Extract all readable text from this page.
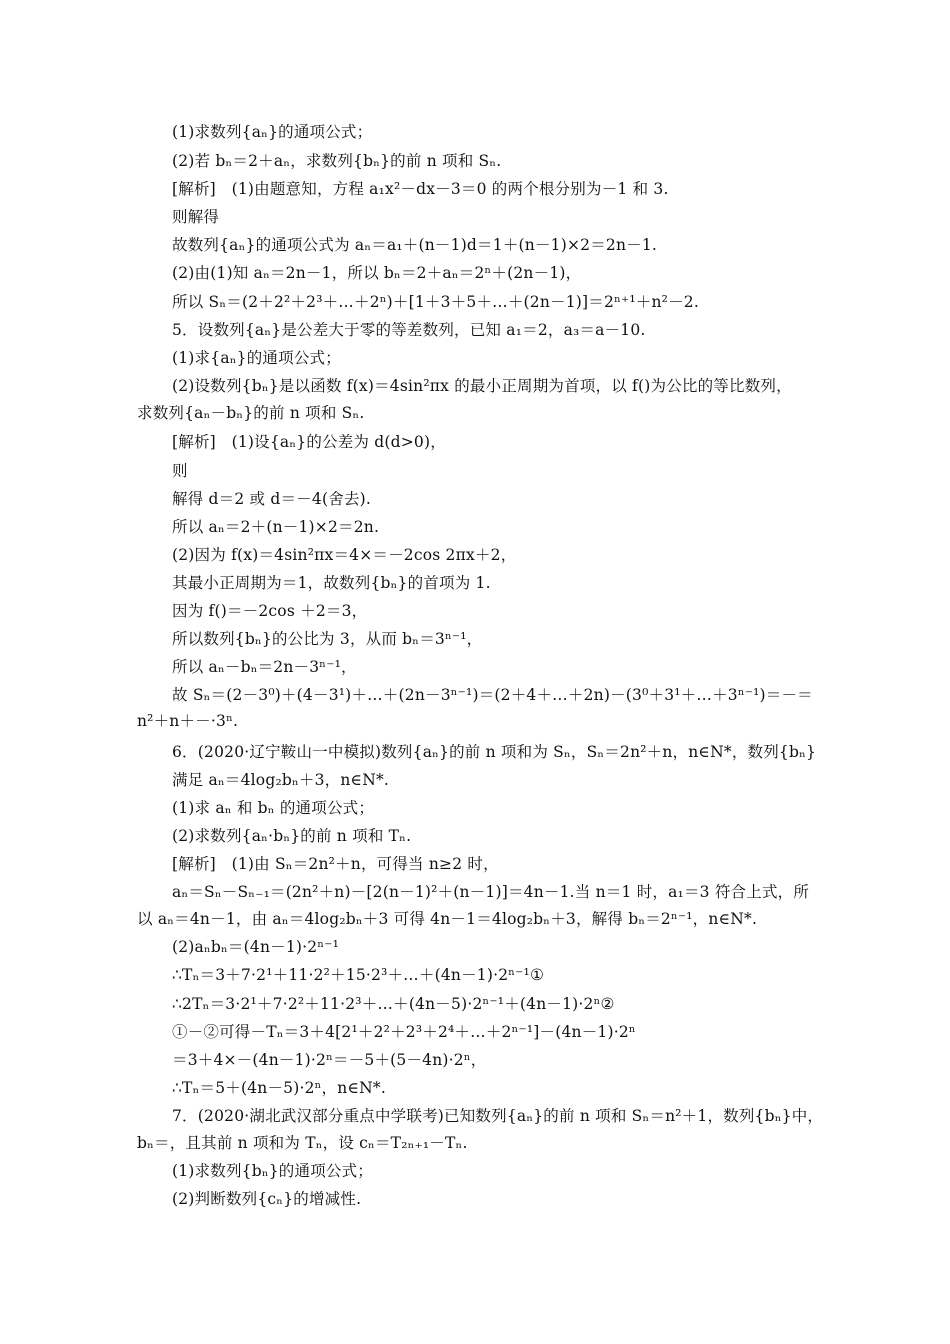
(1)求数列{aₙ}的通项公式；
(2)若 bₙ＝2＋aₙ，求数列{bₙ}的前 n 项和 Sₙ.
[解析]　(1)由题意知，方程 a₁x²－dx－3＝0 的两个根分别为－1 和 3.
则解得
故数列{aₙ}的通项公式为 aₙ＝a₁＋(n－1)d＝1＋(n－1)×2＝2n－1.
(2)由(1)知 aₙ＝2n－1，所以 bₙ＝2＋aₙ＝2ⁿ＋(2n－1)，
所以 Sₙ＝(2＋2²＋2³＋…＋2ⁿ)＋[1＋3＋5＋…＋(2n－1)]＝2ⁿ⁺¹＋n²－2.
5．设数列{aₙ}是公差大于零的等差数列，已知 a₁＝2，a₃＝a－10.
(1)求{aₙ}的通项公式；
(2)设数列{bₙ}是以函数 f(x)＝4sin²πx 的最小正周期为首项，以 f()为公比的等比数列，
求数列{aₙ－bₙ}的前 n 项和 Sₙ.
[解析]　(1)设{aₙ}的公差为 d(d>0)，
则
解得 d＝2 或 d＝－4(舍去).
所以 aₙ＝2＋(n－1)×2＝2n.
(2)因为 f(x)＝4sin²πx＝4×＝－2cos 2πx＋2，
其最小正周期为＝1，故数列{bₙ}的首项为 1.
因为 f()＝－2cos ＋2＝3，
所以数列{bₙ}的公比为 3，从而 bₙ＝3ⁿ⁻¹，
所以 aₙ－bₙ＝2n－3ⁿ⁻¹，
故 Sₙ＝(2－3⁰)＋(4－3¹)＋…＋(2n－3ⁿ⁻¹)＝(2＋4＋…＋2n)－(3⁰＋3¹＋…＋3ⁿ⁻¹)＝－＝
n²＋n＋－·3ⁿ.
6．(2020·辽宁鞍山一中模拟)数列{aₙ}的前 n 项和为 Sₙ，Sₙ＝2n²＋n，n∈N*，数列{bₙ}
满足 aₙ＝4log₂bₙ＋3，n∈N*.
(1)求 aₙ 和 bₙ 的通项公式；
(2)求数列{aₙ·bₙ}的前 n 项和 Tₙ.
[解析]　(1)由 Sₙ＝2n²＋n，可得当 n≥2 时，
aₙ＝Sₙ－Sₙ₋₁＝(2n²＋n)－[2(n－1)²＋(n－1)]＝4n－1.当 n＝1 时，a₁＝3 符合上式，所
以 aₙ＝4n－1，由 aₙ＝4log₂bₙ＋3 可得 4n－1＝4log₂bₙ＋3，解得 bₙ＝2ⁿ⁻¹，n∈N*.
(2)aₙbₙ＝(4n－1)·2ⁿ⁻¹
∴Tₙ＝3＋7·2¹＋11·2²＋15·2³＋…＋(4n－1)·2ⁿ⁻¹①
∴2Tₙ＝3·2¹＋7·2²＋11·2³＋…＋(4n－5)·2ⁿ⁻¹＋(4n－1)·2ⁿ②
①－②可得－Tₙ＝3＋4[2¹＋2²＋2³＋2⁴＋…＋2ⁿ⁻¹]－(4n－1)·2ⁿ
＝3＋4×－(4n－1)·2ⁿ＝－5＋(5－4n)·2ⁿ，
∴Tₙ＝5＋(4n－5)·2ⁿ，n∈N*.
7．(2020·湖北武汉部分重点中学联考)已知数列{aₙ}的前 n 项和 Sₙ＝n²＋1，数列{bₙ}中，
bₙ＝，且其前 n 项和为 Tₙ，设 cₙ＝T₂ₙ₊₁－Tₙ.
(1)求数列{bₙ}的通项公式；
(2)判断数列{cₙ}的增减性.
